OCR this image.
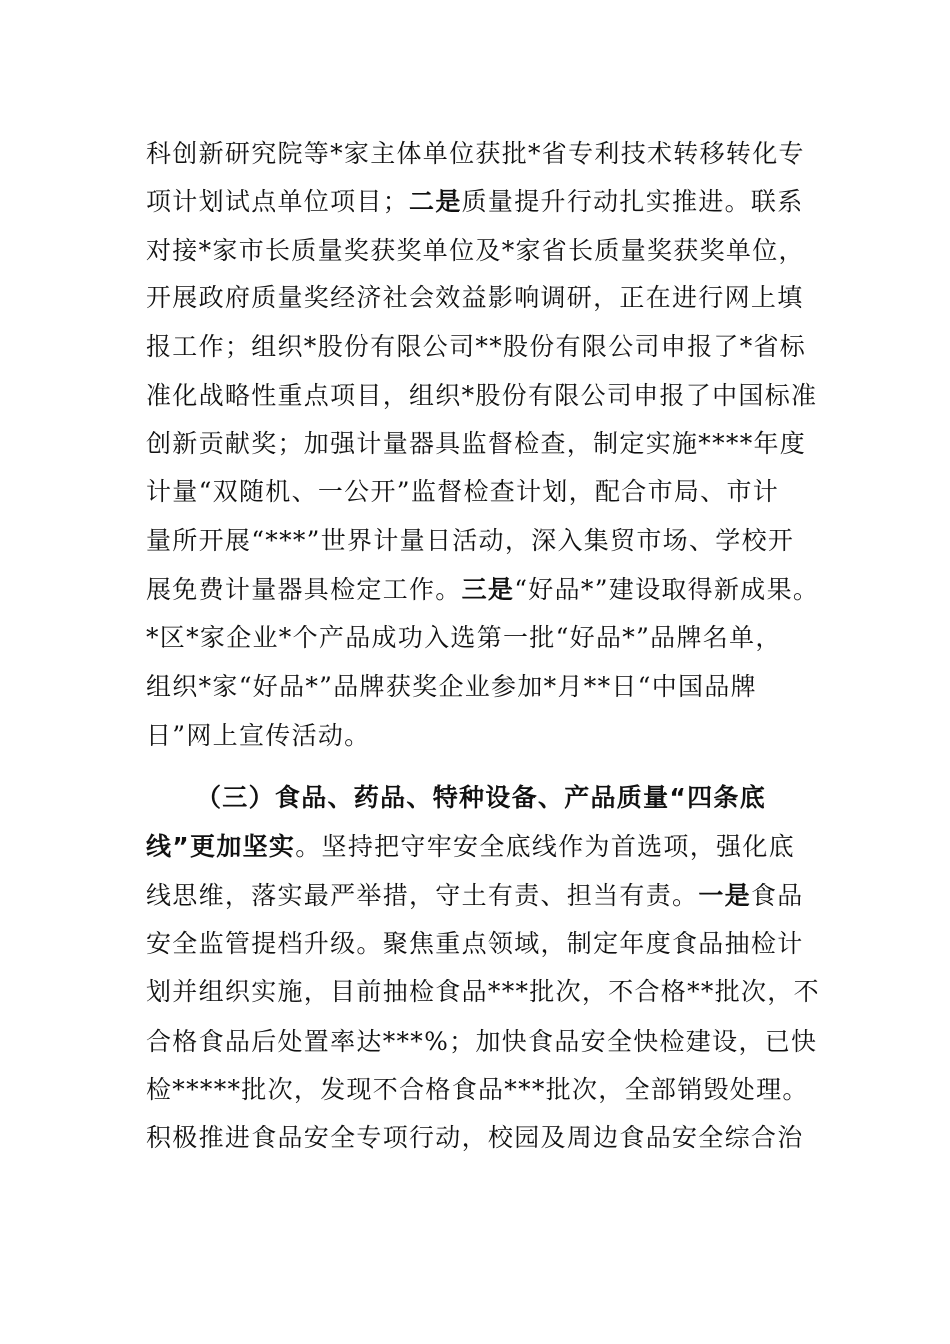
科创新研究院等*家主体单位获批*省专利技术转移转化专
项计划试点单位项目；二是质量提升行动扎实推进。联系
对接*家市长质量奖获奖单位及*家省长质量奖获奖单位，
开展政府质量奖经济社会效益影响调研，正在进行网上填
报工作；组织*股份有限公司**股份有限公司申报了*省标
准化战略性重点项目，组织*股份有限公司申报了中国标准
创新贡献奖；加强计量器具监督检查，制定实施****年度
计量“双随机、一公开”监督检查计划，配合市局、市计
量所开展“***”世界计量日活动，深入集贸市场、学校开
展免费计量器具检定工作。三是“好品*”建设取得新成果。
*区*家企业*个产品成功入选第一批“好品*”品牌名单，
组织*家“好品*”品牌获奖企业参加*月**日“中国品牌
日”网上宣传活动。
（三）食品、药品、特种设备、产品质量“四条底
线”更加坚实。坚持把守牢安全底线作为首选项，强化底
线思维，落实最严举措，守土有责、担当有责。一是食品
安全监管提档升级。聚焦重点领域，制定年度食品抽检计
划并组织实施，目前抽检食品***批次，不合格**批次，不
合格食品后处置率达***%；加快食品安全快检建设，已快
检*****批次，发现不合格食品***批次，全部销毁处理。
积极推进食品安全专项行动，校园及周边食品安全综合治
